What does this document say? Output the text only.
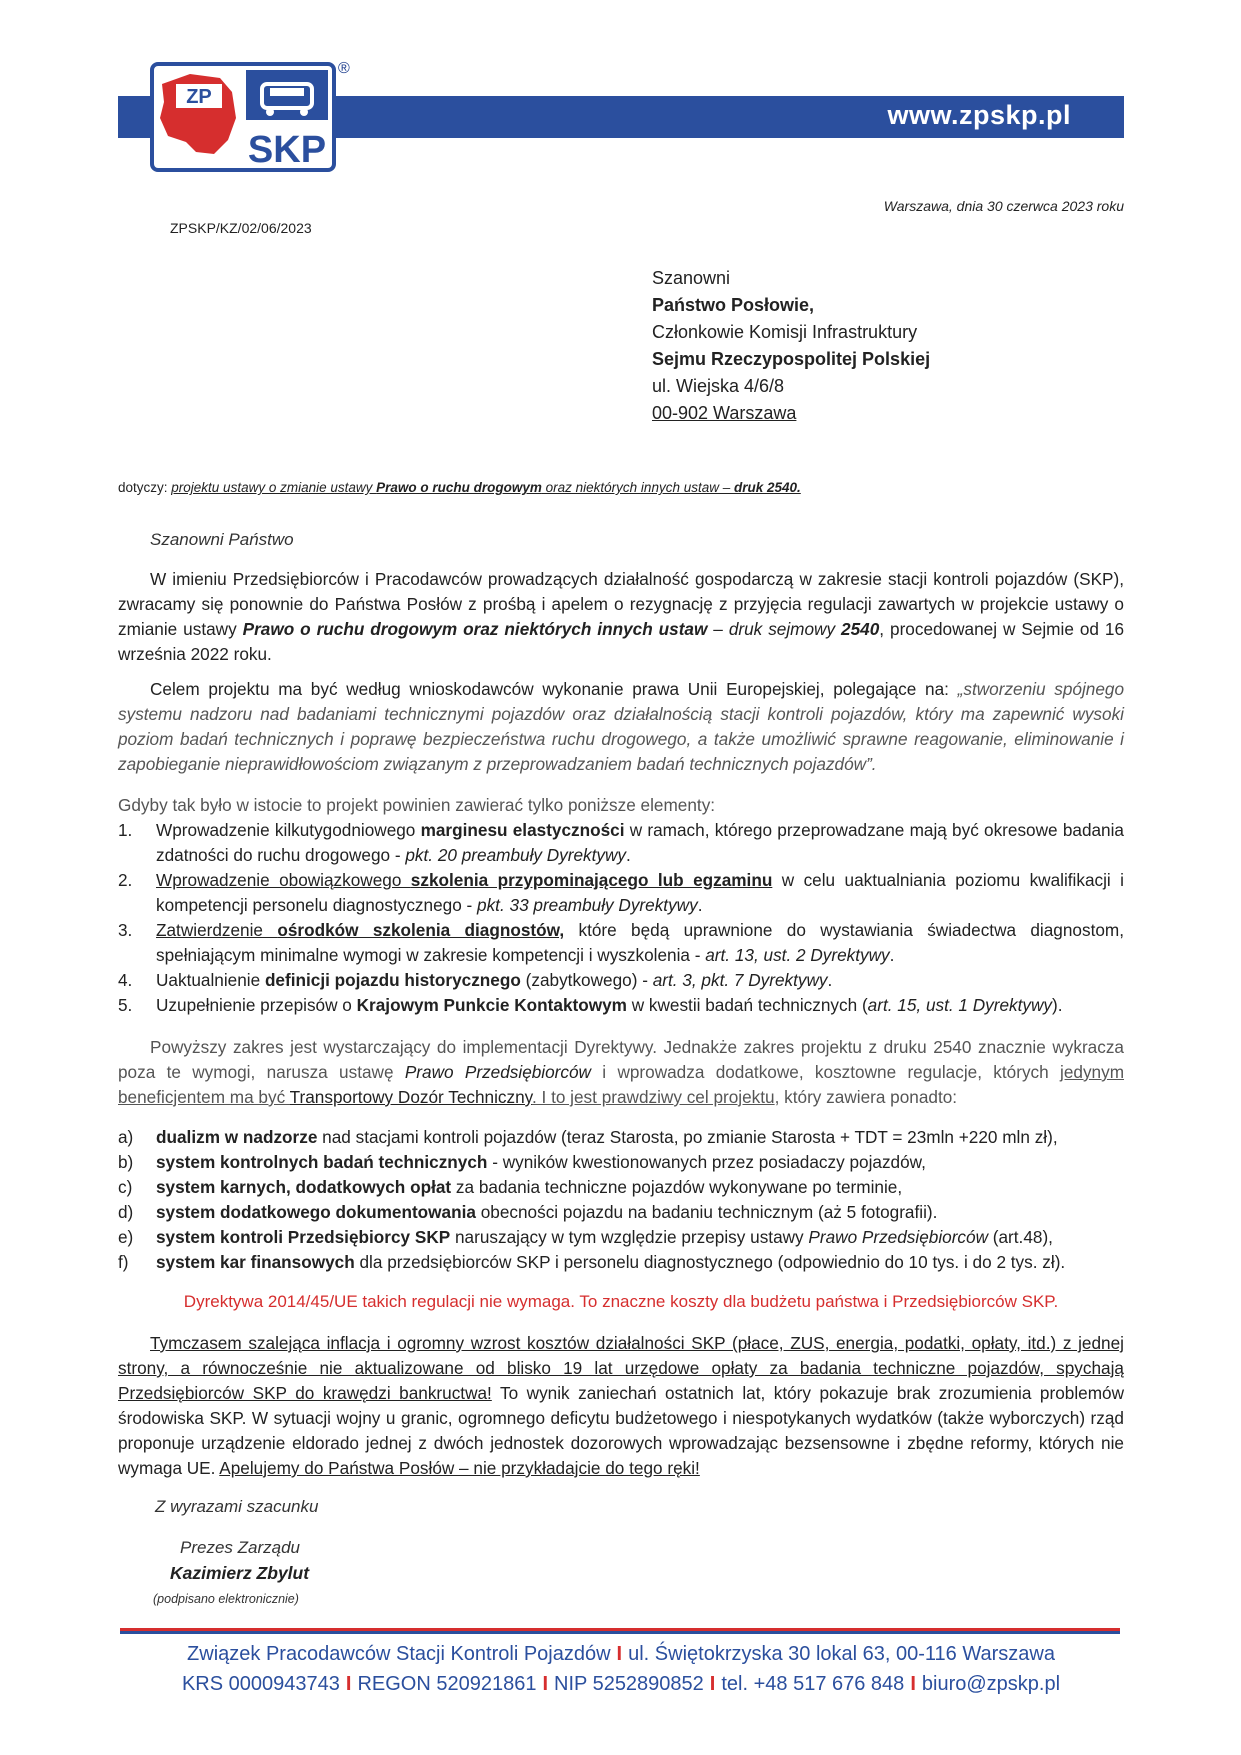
www.zpskp.pl
ZP
SKP
®
ZPSKP/KZ/02/06/2023
Warszawa, dnia 30 czerwca 2023 roku
Szanowni
Państwo Posłowie,
Członkowie Komisji Infrastruktury
Sejmu Rzeczypospolitej Polskiej
ul. Wiejska 4/6/8
00-902 Warszawa
dotyczy: projektu ustawy o zmianie ustawy Prawo o ruchu drogowym oraz niektórych innych ustaw – druk 2540.
Szanowni Państwo

W imieniu Przedsiębiorców i Pracodawców prowadzących działalność gospodarczą w zakresie stacji kontroli pojazdów (SKP), zwracamy się ponownie do Państwa Posłów z prośbą i apelem o rezygnację z przyjęcia regulacji zawartych w projekcie ustawy o zmianie ustawy Prawo o ruchu drogowym oraz niektórych innych ustaw – druk sejmowy 2540, procedowanej w Sejmie od 16 września 2022 roku.

Celem projektu ma być według wnioskodawców wykonanie prawa Unii Europejskiej, polegające na: „stworzeniu spójnego systemu nadzoru nad badaniami technicznymi pojazdów oraz działalnością stacji kontroli pojazdów, który ma zapewnić wysoki poziom badań technicznych i poprawę bezpieczeństwa ruchu drogowego, a także umożliwić sprawne reagowanie, eliminowanie i zapobieganie nieprawidłowościom związanym z przeprowadzaniem badań technicznych pojazdów”.

Gdyby tak było w istocie to projekt powinien zawierać tylko poniższe elementy:
1.	Wprowadzenie kilkutygodniowego marginesu elastyczności w ramach, którego przeprowadzane mają być okresowe badania zdatności do ruchu drogowego - pkt. 20 preambuły Dyrektywy.
2.	Wprowadzenie obowiązkowego szkolenia przypominającego lub egzaminu w celu uaktualniania poziomu kwalifikacji i kompetencji personelu diagnostycznego - pkt. 33 preambuły Dyrektywy.
3.	Zatwierdzenie ośrodków szkolenia diagnostów, które będą uprawnione do wystawiania świadectwa diagnostom, spełniającym minimalne wymogi w zakresie kompetencji i wyszkolenia - art. 13, ust. 2 Dyrektywy.
4.	Uaktualnienie definicji pojazdu historycznego (zabytkowego) - art. 3, pkt. 7 Dyrektywy.
5.	Uzupełnienie przepisów o Krajowym Punkcie Kontaktowym w kwestii badań technicznych (art. 15, ust. 1 Dyrektywy).

Powyższy zakres jest wystarczający do implementacji Dyrektywy. Jednakże zakres projektu z druku 2540 znacznie wykracza poza te wymogi, narusza ustawę Prawo Przedsiębiorców i wprowadza dodatkowe, kosztowne regulacje, których jedynym beneficjentem ma być Transportowy Dozór Techniczny. I to jest prawdziwy cel projektu, który zawiera ponadto:

a)	dualizm w nadzorze nad stacjami kontroli pojazdów (teraz Starosta, po zmianie Starosta + TDT = 23mln +220 mln zł),
b)	system kontrolnych badań technicznych - wyników kwestionowanych przez posiadaczy pojazdów,
c)	system karnych, dodatkowych opłat za badania techniczne pojazdów wykonywane po terminie,
d)	system dodatkowego dokumentowania obecności pojazdu na badaniu technicznym (aż 5 fotografii).
e)	system kontroli Przedsiębiorcy SKP naruszający w tym względzie przepisy ustawy Prawo Przedsiębiorców (art.48),
f)	system kar finansowych dla przedsiębiorców SKP i personelu diagnostycznego (odpowiednio do 10 tys. i do 2 tys. zł).
Dyrektywa 2014/45/UE takich regulacji nie wymaga. To znaczne koszty dla budżetu państwa i Przedsiębiorców SKP.

Tymczasem szalejąca inflacja i ogromny wzrost kosztów działalności SKP (płace, ZUS, energia, podatki, opłaty, itd.) z jednej strony, a równocześnie nie aktualizowane od blisko 19 lat urzędowe opłaty za badania techniczne pojazdów, spychają Przedsiębiorców SKP do krawędzi bankructwa! To wynik zaniechań ostatnich lat, który pokazuje brak zrozumienia problemów środowiska SKP. W sytuacji wojny u granic, ogromnego deficytu budżetowego i niespotykanych wydatków (także wyborczych) rząd proponuje urządzenie eldorado jednej z dwóch jednostek dozorowych wprowadzając bezsensowne i zbędne reformy, których nie wymaga UE. Apelujemy do Państwa Posłów – nie przykładajcie do tego ręki!

Z wyrazami szacunku
Prezes Zarządu
Kazimierz Zbylut
(podpisano elektronicznie)
Związek Pracodawców Stacji Kontroli Pojazdów I ul. Świętokrzyska 30 lokal 63, 00-116 Warszawa
KRS 0000943743 I REGON 520921861 I NIP 5252890852 I tel. +48 517 676 848 I biuro@zpskp.pl
